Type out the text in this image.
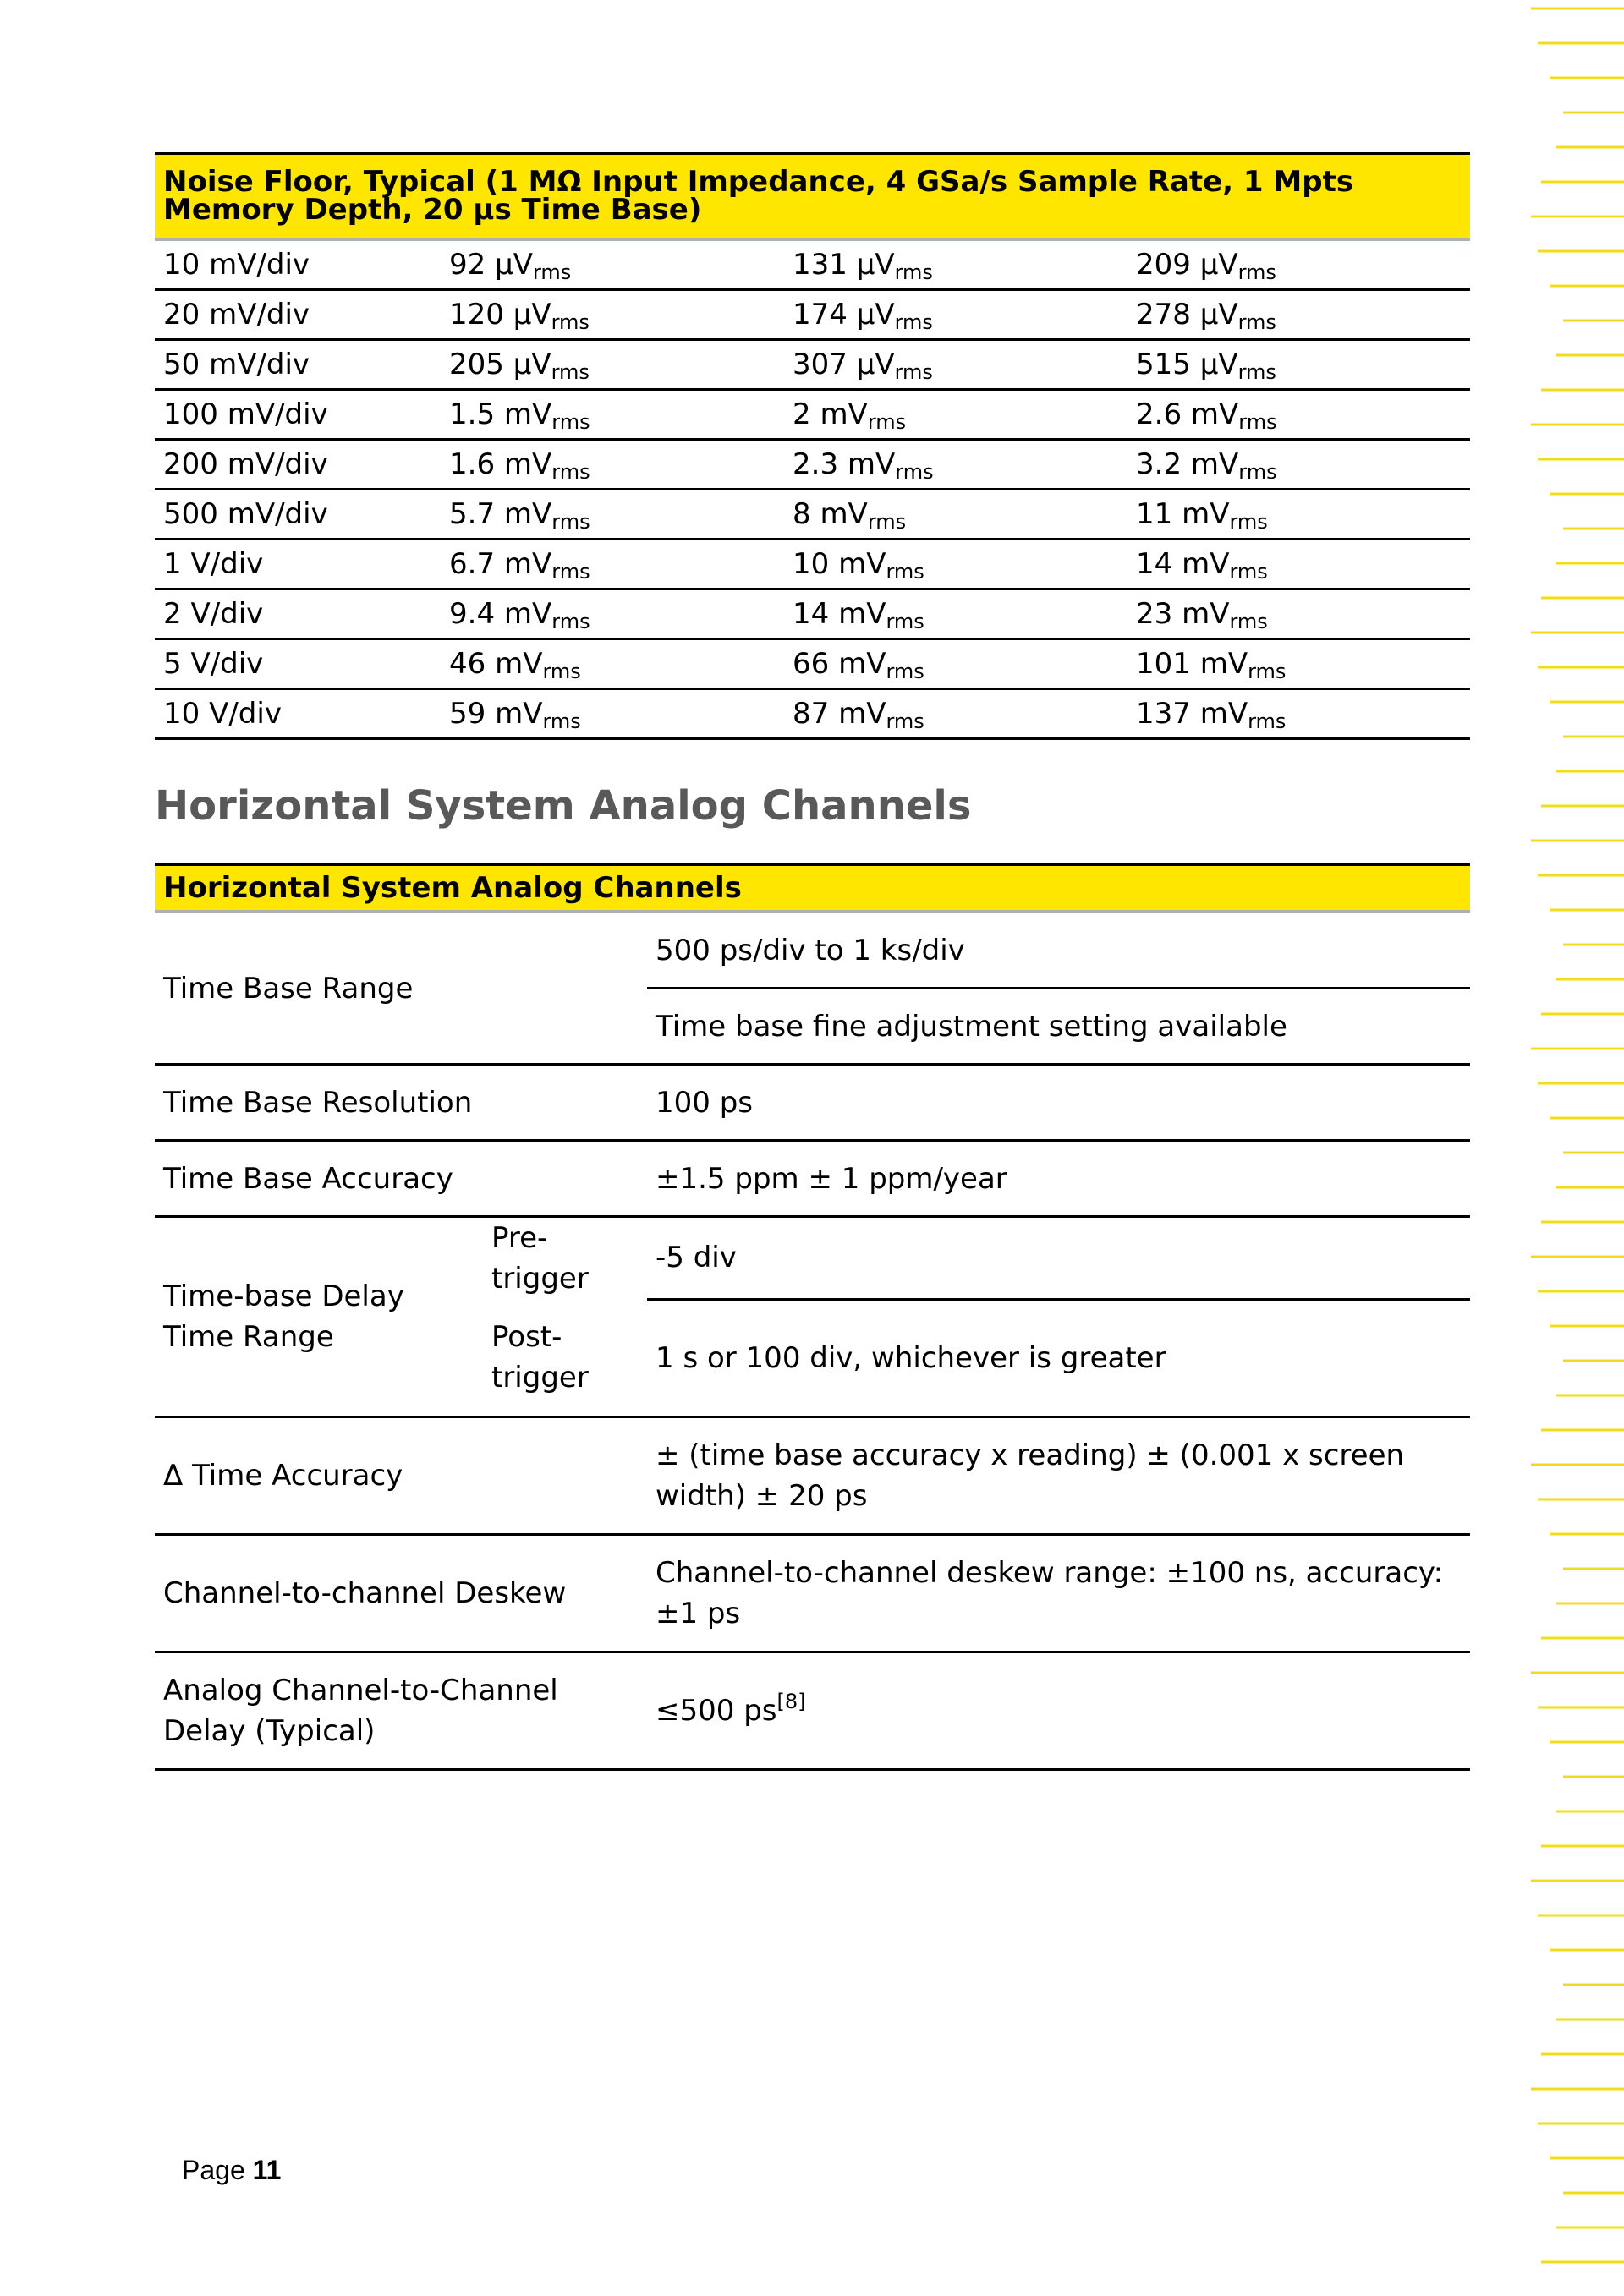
Noise Floor, Typical (1 MΩ Input Impedance, 4 GSa/s Sample Rate, 1 Mpts Memory Depth, 20 μs Time Base)			
10 mV/div	92 $\mu V_{rms}$	131 $\mu V_{rms}$	209 $\mu V_{rms}$
20 mV/div	120 $\mu V_{rms}$	174 $\mu V_{rms}$	278 $\mu V_{rms}$
50 mV/div	205 $\mu V_{rms}$	307 $\mu V_{rms}$	515 $\mu V_{rms}$
100 mV/div	1.5 $mV_{rms}$	2 $mV_{rms}$	2.6 $mV_{rms}$
200 mV/div	1.6 $mV_{rms}$	2.3 $mV_{rms}$	3.2 $mV_{rms}$
500 mV/div	5.7 $mV_{rms}$	8 $mV_{rms}$	11 $mV_{rms}$
1 V/div	6.7 $mV_{rms}$	10 $mV_{rms}$	14 $mV_{rms}$
2 V/div	9.4 $mV_{rms}$	14 $mV_{rms}$	23 $mV_{rms}$
5 V/div	46 $mV_{rms}$	66 $mV_{rms}$	101 $mV_{rms}$
10 V/div	59 $mV_{rms}$	87 $mV_{rms}$	137 $mV_{rms}$
Horizontal System Analog Channels
Horizontal System Analog Channels		
Time Base Range		500 ps/div to 1 ks/div
		Time base fine adjustment setting available
Time Base Resolution		100 ps
Time Base Accuracy		±1.5 ppm ± 1 ppm/year
Time-base Delay Time Range	Pre-trigger	-5 div
	Post-trigger	1 s or 100 div, whichever is greater
Δ Time Accuracy		± (time base accuracy x reading) ± (0.001 x screen width) ± 20 ps
Channel-to-channel Deskew		Channel-to-channel deskew range: ±100 ns, accuracy: ±1 ps
Analog Channel-to-Channel Delay (Typical)		≤500 ps[8]
Page 11
